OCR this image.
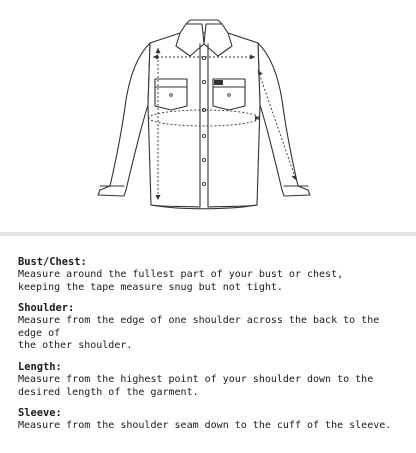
Bust/Chest:

Measure around the fullest part of your bust or chest,
keeping the tape measure snug but not tight.

Shoulder:

Measure from the edge of one shoulder across the back to the edge of
the other shoulder.

Length:

Measure from the highest point of your shoulder down to the
desired length of the garment.

Sleeve:

Measure from the shoulder seam down to the cuff of the sleeve.
